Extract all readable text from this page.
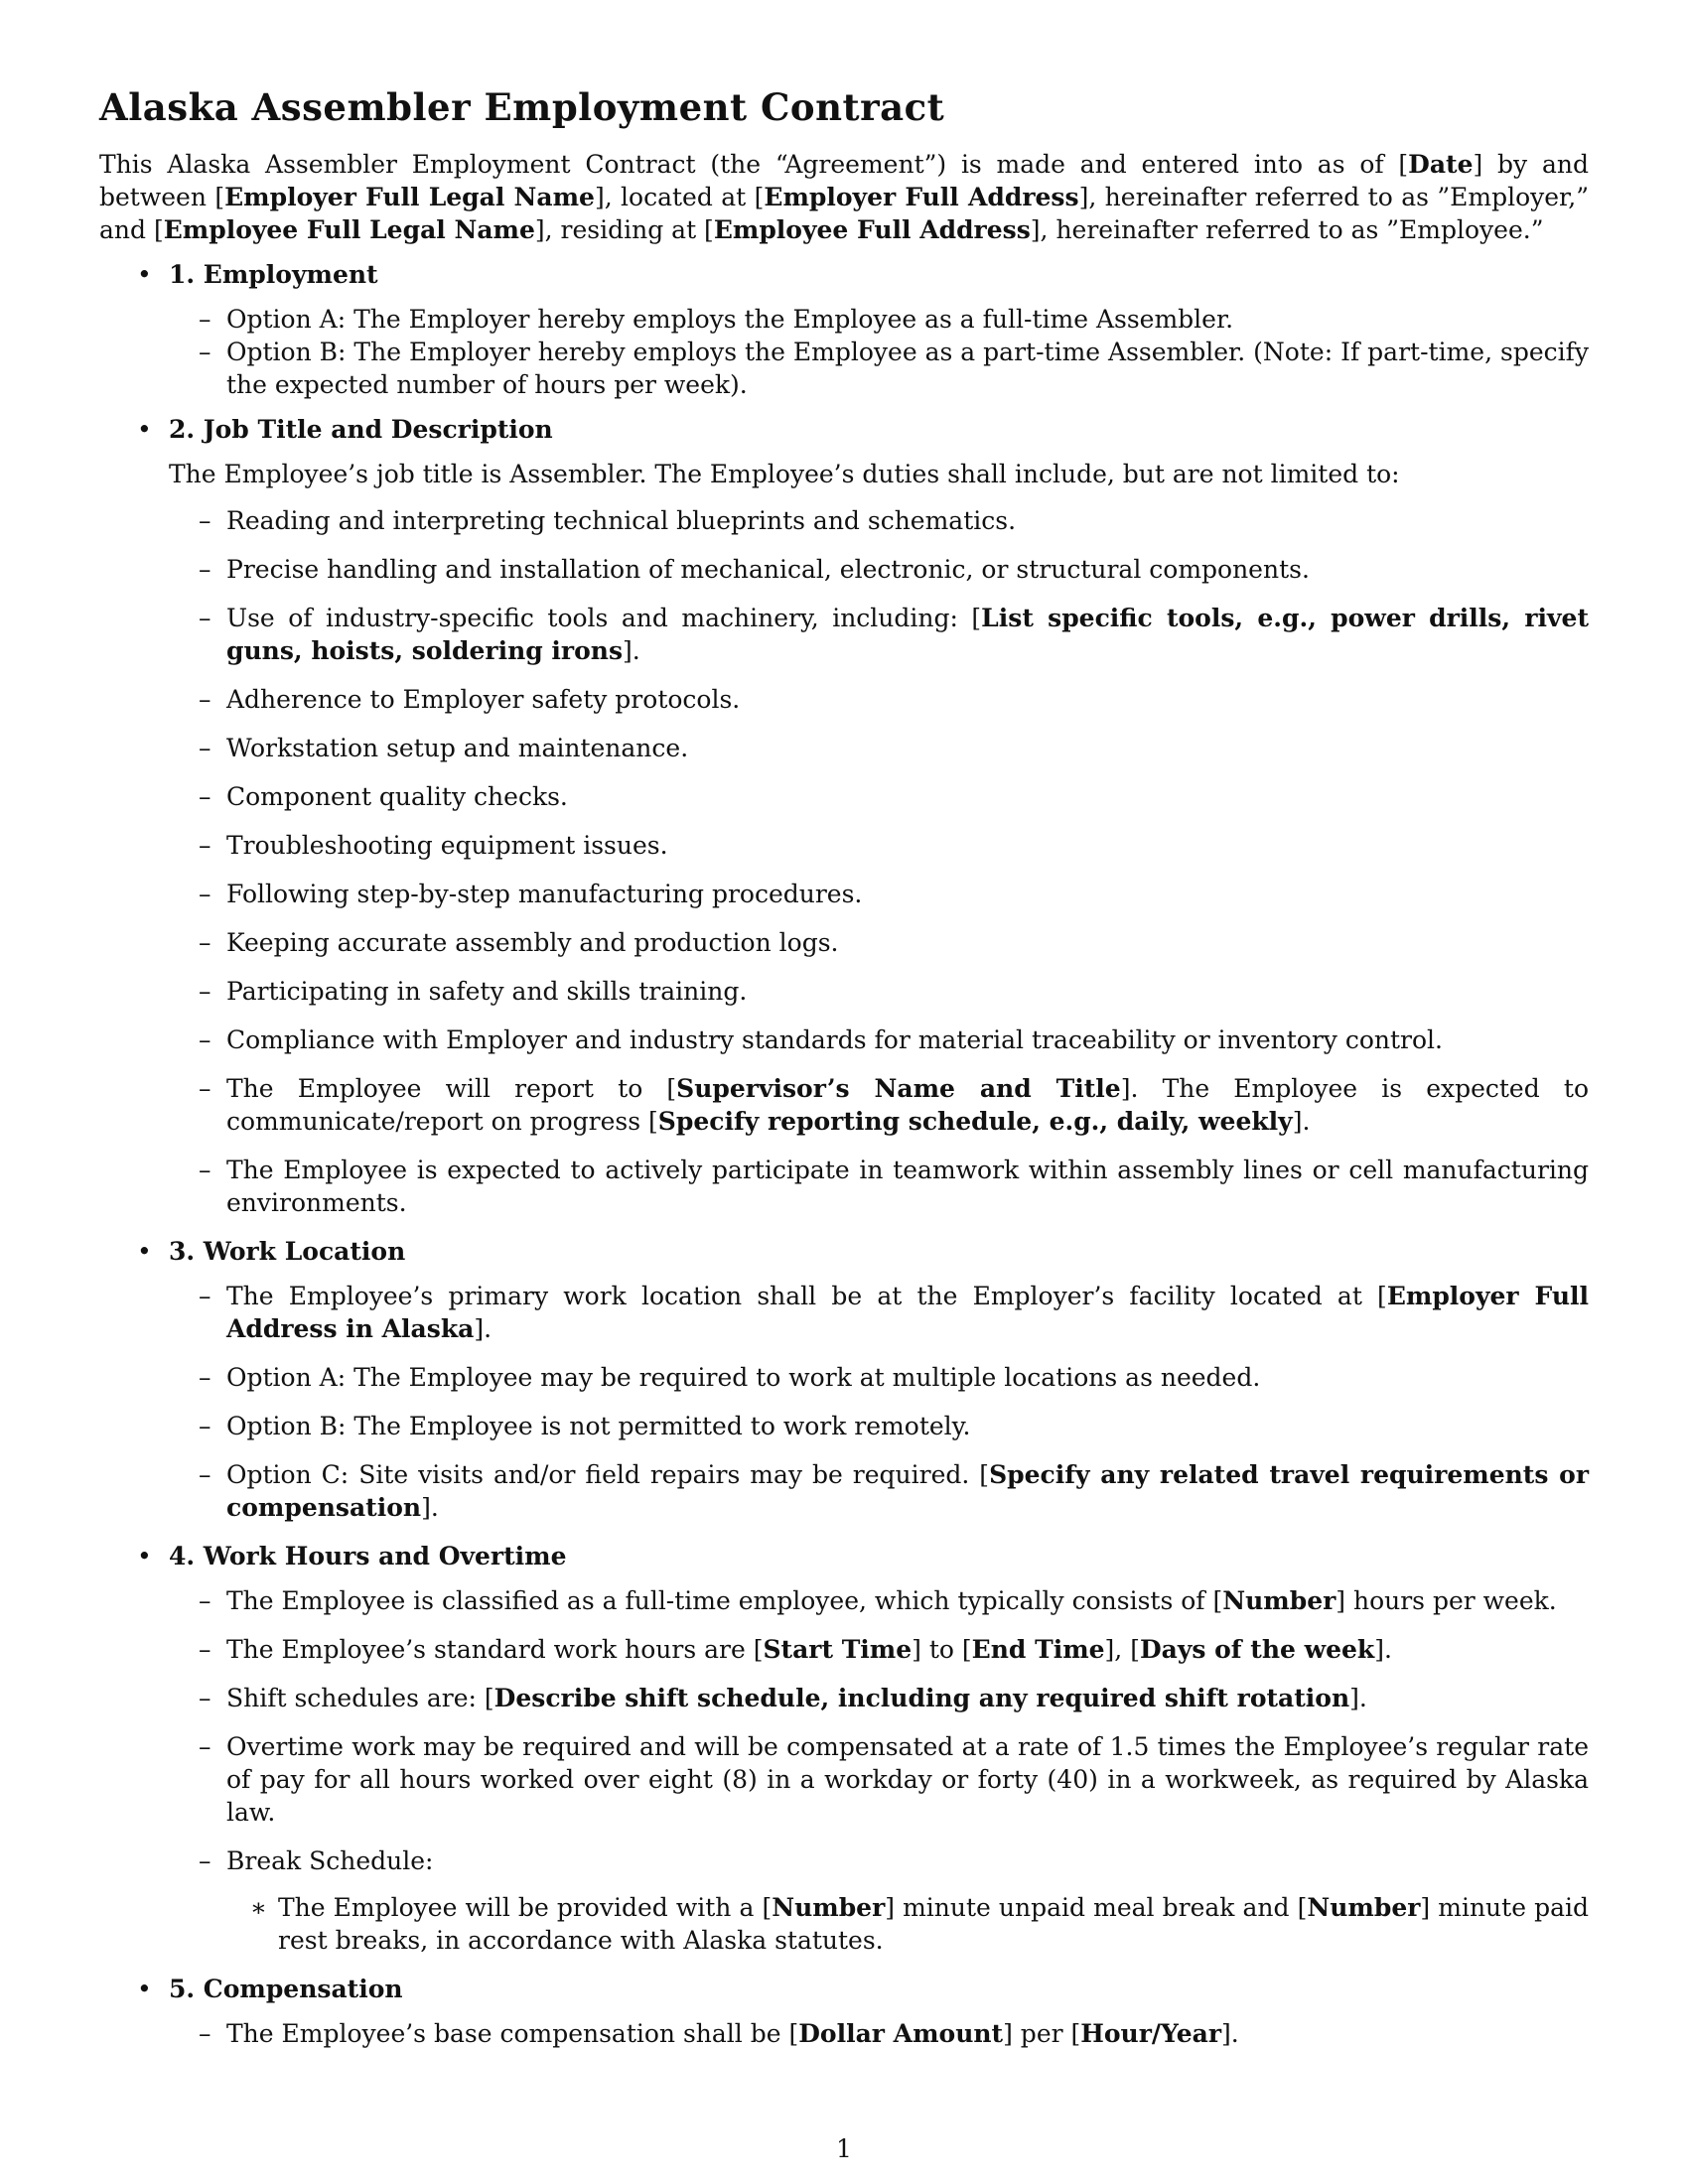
Alaska Assembler Employment Contract

This Alaska Assembler Employment Contract (the “Agreement”) is made and entered into as of [Date] by and between [Employer Full Legal Name], located at [Employer Full Address], hereinafter referred to as ”Employer,” and [Employee Full Legal Name], residing at [Employee Full Address], hereinafter referred to as ”Employee.”

• 1. Employment
– Option A: The Employer hereby employs the Employee as a full-time Assembler.
– Option B: The Employer hereby employs the Employee as a part-time Assembler. (Note: If part-time, specify the expected number of hours per week).
• 2. Job Title and Description

The Employee’s job title is Assembler. The Employee’s duties shall include, but are not limited to:

– Reading and interpreting technical blueprints and schematics.
– Precise handling and installation of mechanical, electronic, or structural components.
– Use of industry-specific tools and machinery, including: [List specific tools, e.g., power drills, rivet guns, hoists, soldering irons].
– Adherence to Employer safety protocols.
– Workstation setup and maintenance.
– Component quality checks.
– Troubleshooting equipment issues.
– Following step-by-step manufacturing procedures.
– Keeping accurate assembly and production logs.
– Participating in safety and skills training.
– Compliance with Employer and industry standards for material traceability or inventory control.
– The Employee will report to [Supervisor’s Name and Title]. The Employee is expected to communicate/report on progress [Specify reporting schedule, e.g., daily, weekly].
– The Employee is expected to actively participate in teamwork within assembly lines or cell manufacturing environments.
• 3. Work Location
– The Employee’s primary work location shall be at the Employer’s facility located at [Employer Full Address in Alaska].
– Option A: The Employee may be required to work at multiple locations as needed.
– Option B: The Employee is not permitted to work remotely.
– Option C: Site visits and/or field repairs may be required. [Specify any related travel requirements or compensation].
• 4. Work Hours and Overtime
– The Employee is classified as a full-time employee, which typically consists of [Number] hours per week.
– The Employee’s standard work hours are [Start Time] to [End Time], [Days of the week].
– Shift schedules are: [Describe shift schedule, including any required shift rotation].
– Overtime work may be required and will be compensated at a rate of 1.5 times the Employee’s regular rate of pay for all hours worked over eight (8) in a workday or forty (40) in a workweek, as required by Alaska law.
– Break Schedule:
∗ The Employee will be provided with a [Number] minute unpaid meal break and [Number] minute paid rest breaks, in accordance with Alaska statutes.
• 5. Compensation
– The Employee’s base compensation shall be [Dollar Amount] per [Hour/Year].
1
